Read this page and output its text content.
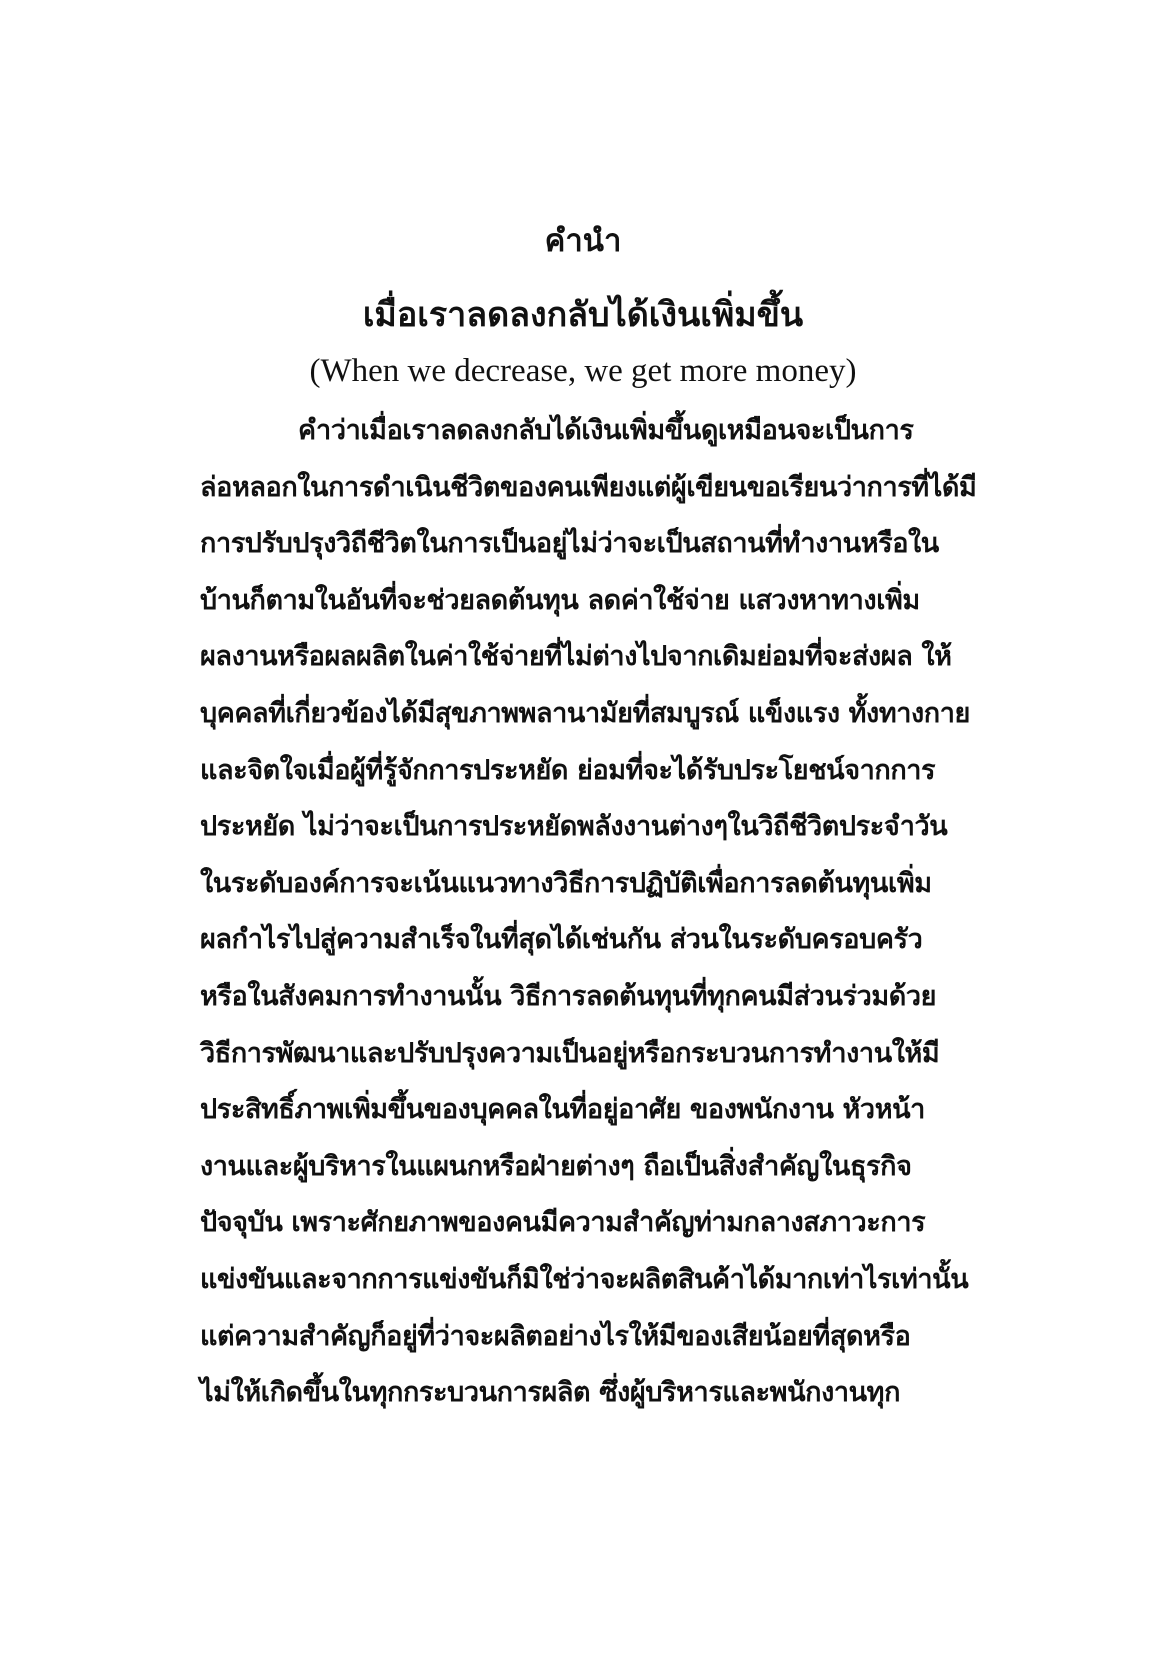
คำนำ
เมื่อเราลดลงกลับได้เงินเพิ่มขึ้น
(When we decrease, we get more money)
คำว่าเมื่อเราลดลงกลับได้เงินเพิ่มขึ้นดูเหมือนจะเป็นการ
ล่อหลอกในการดำเนินชีวิตของคนเพียงแต่ผู้เขียนขอเรียนว่าการที่ได้มี
การปรับปรุงวิถีชีวิตในการเป็นอยู่ไม่ว่าจะเป็นสถานที่ทำงานหรือใน
บ้านก็ตามในอันที่จะช่วยลดต้นทุน ลดค่าใช้จ่าย แสวงหาทางเพิ่ม
ผลงานหรือผลผลิตในค่าใช้จ่ายที่ไม่ต่างไปจากเดิมย่อมที่จะส่งผล ให้
บุคคลที่เกี่ยวข้องได้มีสุขภาพพลานามัยที่สมบูรณ์ แข็งแรง ทั้งทางกาย
และจิตใจเมื่อผู้ที่รู้จักการประหยัด ย่อมที่จะได้รับประโยชน์จากการ
ประหยัด ไม่ว่าจะเป็นการประหยัดพลังงานต่างๆในวิถีชีวิตประจำวัน
ในระดับองค์การจะเน้นแนวทางวิธีการปฏิบัติเพื่อการลดต้นทุนเพิ่ม
ผลกำไรไปสู่ความสำเร็จในที่สุดได้เช่นกัน ส่วนในระดับครอบครัว
หรือในสังคมการทำงานนั้น วิธีการลดต้นทุนที่ทุกคนมีส่วนร่วมด้วย
วิธีการพัฒนาและปรับปรุงความเป็นอยู่หรือกระบวนการทำงานให้มี
ประสิทธิ์ภาพเพิ่มขึ้นของบุคคลในที่อยู่อาศัย ของพนักงาน หัวหน้า
งานและผู้บริหารในแผนกหรือฝ่ายต่างๆ ถือเป็นสิ่งสำคัญในธุรกิจ
ปัจจุบัน เพราะศักยภาพของคนมีความสำคัญท่ามกลางสภาวะการ
แข่งขันและจากการแข่งขันก็มิใช่ว่าจะผลิตสินค้าได้มากเท่าไรเท่านั้น
แต่ความสำคัญก็อยู่ที่ว่าจะผลิตอย่างไรให้มีของเสียน้อยที่สุดหรือ
ไม่ให้เกิดขึ้นในทุกกระบวนการผลิต ซึ่งผู้บริหารและพนักงานทุก
